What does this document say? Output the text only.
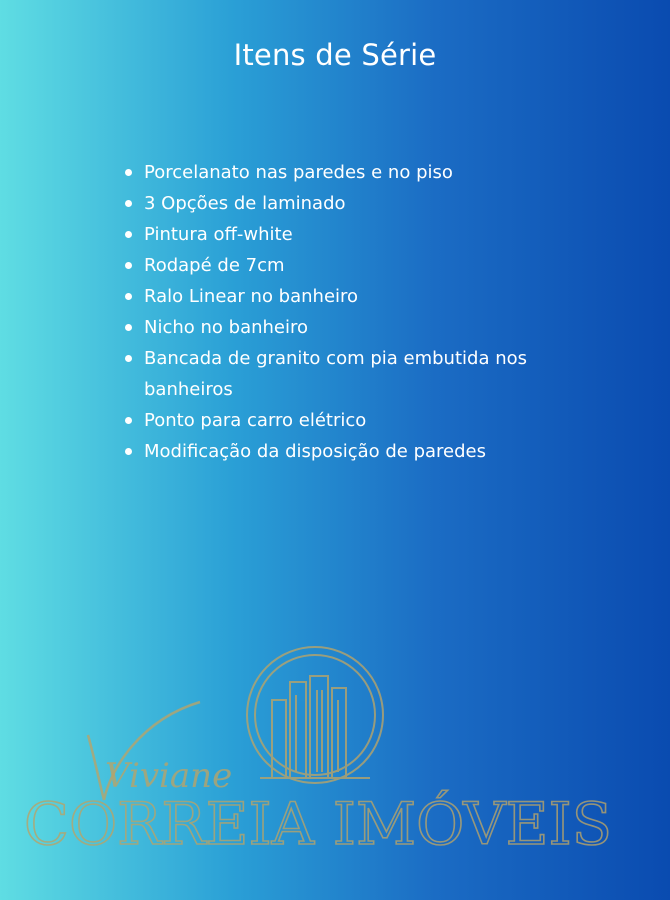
Itens de Série
Porcelanato nas paredes e no piso
3 Opções de laminado
Pintura off-white
Rodapé de 7cm
Ralo Linear no banheiro
Nicho no banheiro
Bancada de granito com pia embutida nos banheiros
Ponto para carro elétrico
Modificação da disposição de paredes
Viviane
CORREIA IMÓVEIS
